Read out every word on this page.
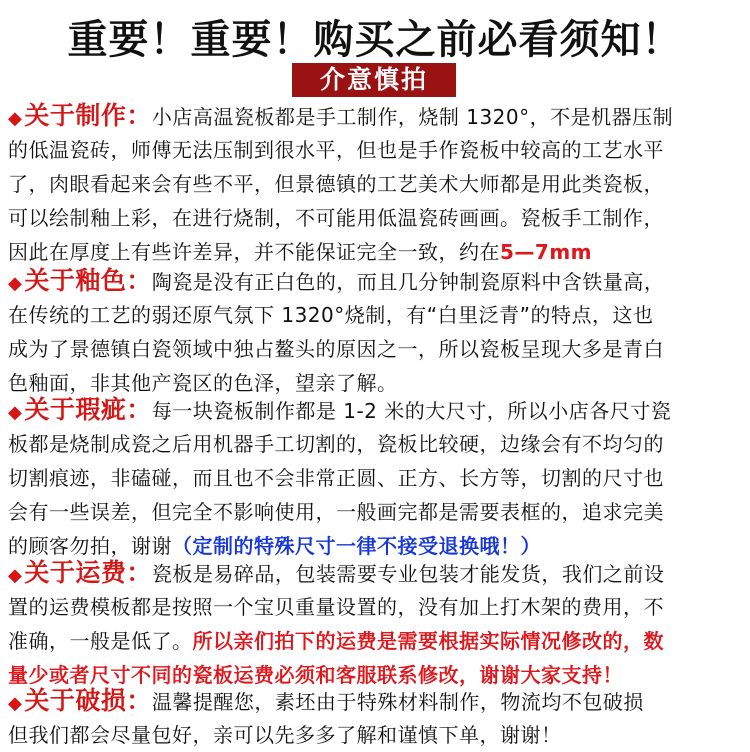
重要！重要！购买之前必看须知！
介意慎拍
◆关于制作：小店高温瓷板都是手工制作，烧制 1320°，不是机器压制
的低温瓷砖，师傅无法压制到很水平，但也是手作瓷板中较高的工艺水平
了，肉眼看起来会有些不平，但景德镇的工艺美术大师都是用此类瓷板，
可以绘制釉上彩，在进行烧制，不可能用低温瓷砖画画。瓷板手工制作，
因此在厚度上有些许差异，并不能保证完全一致，约在5—7mm
◆关于釉色：陶瓷是没有正白色的，而且几分钟制瓷原料中含铁量高，
在传统的工艺的弱还原气氛下 1320°烧制，有“白里泛青”的特点，这也
成为了景德镇白瓷领域中独占鳌头的原因之一，所以瓷板呈现大多是青白
色釉面，非其他产瓷区的色泽，望亲了解。
◆关于瑕疵：每一块瓷板制作都是 1-2 米的大尺寸，所以小店各尺寸瓷
板都是烧制成瓷之后用机器手工切割的，瓷板比较硬，边缘会有不均匀的
切割痕迹，非磕碰，而且也不会非常正圆、正方、长方等，切割的尺寸也
会有一些误差，但完全不影响使用，一般画完都是需要表框的，追求完美
的顾客勿拍，谢谢（定制的特殊尺寸一律不接受退换哦！）
◆关于运费：瓷板是易碎品，包装需要专业包装才能发货，我们之前设
置的运费模板都是按照一个宝贝重量设置的，没有加上打木架的费用，不
准确，一般是低了。所以亲们拍下的运费是需要根据实际情况修改的，数
量少或者尺寸不同的瓷板运费必须和客服联系修改，谢谢大家支持！
◆关于破损：温馨提醒您，素坯由于特殊材料制作，物流均不包破损
但我们都会尽量包好，亲可以先多多了解和谨慎下单，谢谢！
